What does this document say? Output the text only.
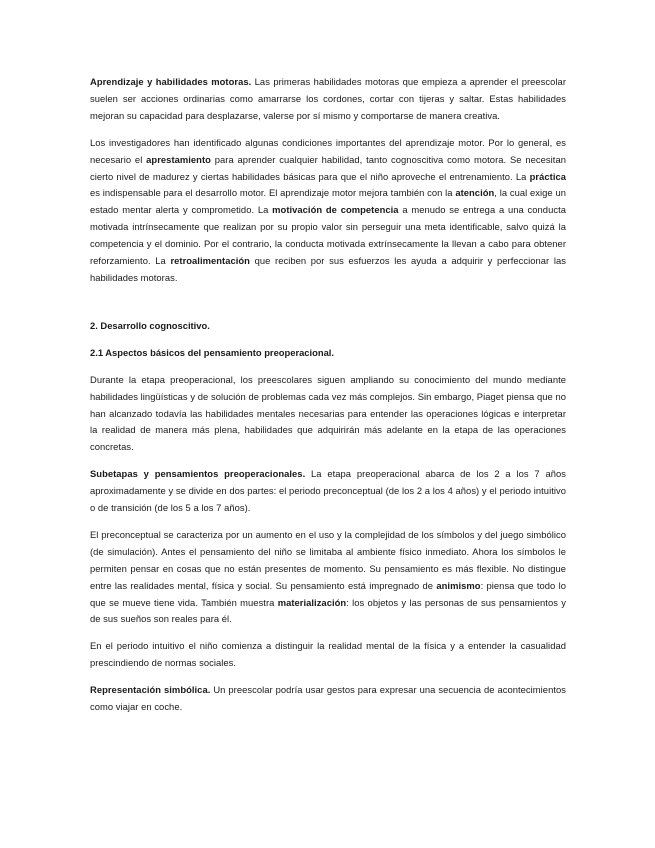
Aprendizaje y habilidades motoras. Las primeras habilidades motoras que empieza a aprender el preescolar suelen ser acciones ordinarias como amarrarse los cordones, cortar con tijeras y saltar. Estas habilidades mejoran su capacidad para desplazarse, valerse por sí mismo y comportarse de manera creativa.

Los investigadores han identificado algunas condiciones importantes del aprendizaje motor. Por lo general, es necesario el aprestamiento para aprender cualquier habilidad, tanto cognoscitiva como motora. Se necesitan cierto nivel de madurez y ciertas habilidades básicas para que el niño aproveche el entrenamiento. La práctica es indispensable para el desarrollo motor. El aprendizaje motor mejora también con la atención, la cual exige un estado mentar alerta y comprometido. La motivación de competencia a menudo se entrega a una conducta motivada intrínsecamente que realizan por su propio valor sin perseguir una meta identificable, salvo quizá la competencia y el dominio. Por el contrario, la conducta motivada extrínsecamente la llevan a cabo para obtener reforzamiento. La retroalimentación que reciben por sus esfuerzos les ayuda a adquirir y perfeccionar las habilidades motoras.

2. Desarrollo cognoscitivo.
2.1 Aspectos básicos del pensamiento preoperacional.

Durante la etapa preoperacional, los preescolares siguen ampliando su conocimiento del mundo mediante habilidades lingüísticas y de solución de problemas cada vez más complejos. Sin embargo, Piaget piensa que no han alcanzado todavía las habilidades mentales necesarias para entender las operaciones lógicas e interpretar la realidad de manera más plena, habilidades que adquirirán más adelante en la etapa de las operaciones concretas.

Subetapas y pensamientos preoperacionales. La etapa preoperacional abarca de los 2 a los 7 años aproximadamente y se divide en dos partes: el periodo preconceptual (de los 2 a los 4 años) y el periodo intuitivo o de transición (de los 5 a los 7 años).

El preconceptual se caracteriza por un aumento en el uso y la complejidad de los símbolos y del juego simbólico (de simulación). Antes el pensamiento del niño se limitaba al ambiente físico inmediato. Ahora los símbolos le permiten pensar en cosas que no están presentes de momento. Su pensamiento es más flexible. No distingue entre las realidades mental, física y social. Su pensamiento está impregnado de animismo: piensa que todo lo que se mueve tiene vida. También muestra materialización: los objetos y las personas de sus pensamientos y de sus sueños son reales para él.

En el periodo intuitivo el niño comienza a distinguir la realidad mental de la física y a entender la casualidad prescindiendo de normas sociales.

Representación simbólica. Un preescolar podría usar gestos para expresar una secuencia de acontecimientos como viajar en coche.
